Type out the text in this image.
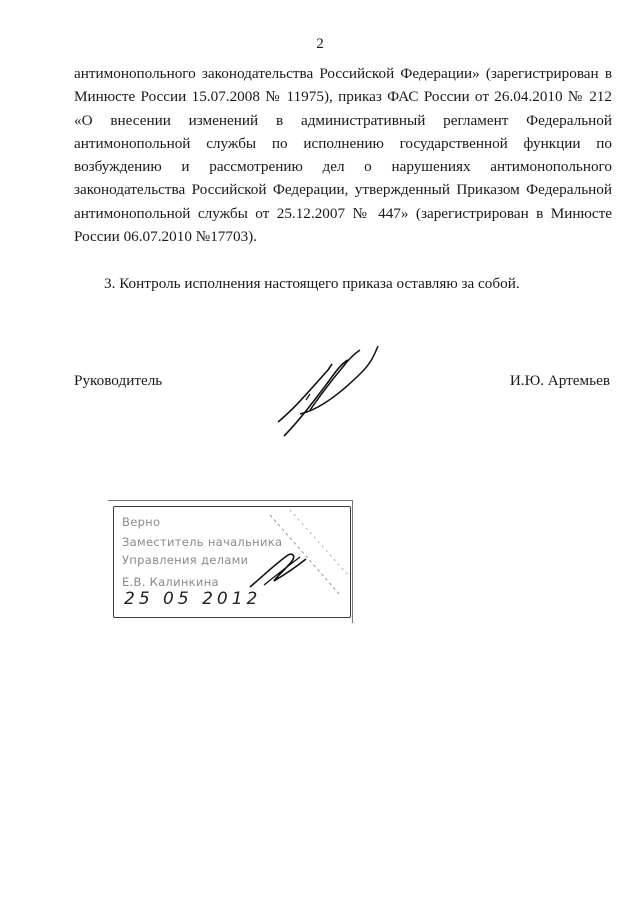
2

антимонопольного законодательства Российской Федерации» (зарегистрирован в

Минюсте России 15.07.2008 № 11975), приказ ФАС России от 26.04.2010 № 212

«О внесении изменений в административный регламент Федеральной

антимонопольной службы по исполнению государственной функции по

возбуждению и рассмотрению дел о нарушениях антимонопольного

законодательства Российской Федерации, утвержденный Приказом Федеральной

антимонопольной службы от 25.12.2007 № 447» (зарегистрирован в Минюсте

России 06.07.2010 №17703).

3. Контроль исполнения настоящего приказа оставляю за собой.
Руководитель	И.Ю. Артемьев
Верно
Заместитель начальника
Управления делами
Е.В. Калинкина
25 05 2012
